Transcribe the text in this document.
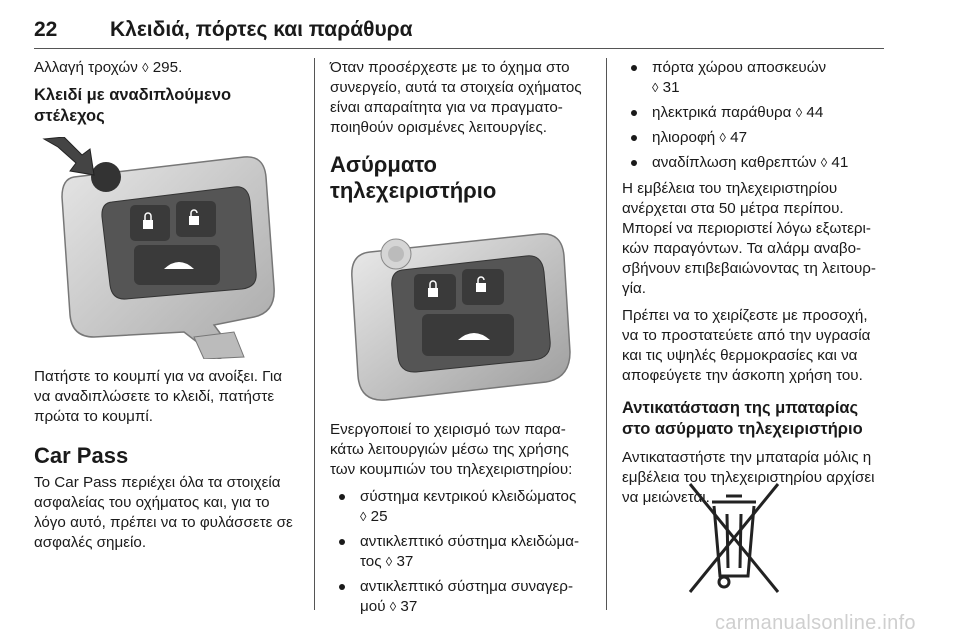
22	Κλειδιά, πόρτες και παράθυρα

Αλλαγή τροχών ◊ 295.

Κλειδί με αναδιπλούμενο στέλεχος

Πατήστε το κουμπί για να ανοίξει. Για να αναδιπλώσετε το κλειδί, πατήστε πρώτα το κουμπί.

Car Pass

Το Car Pass περιέχει όλα τα στοιχεία ασφαλείας του οχήματος και, για το λόγο αυτό, πρέπει να το φυλάσσετε σε ασφαλές σημείο.

Όταν προσέρχεστε με το όχημα στο συνεργείο, αυτά τα στοιχεία οχήματος είναι απαραίτητα για να πραγματο-ποιηθούν ορισμένες λειτουργίες.

Ασύρματο τηλεχειριστήριο

Ενεργοποιεί το χειρισμό των παρα-κάτω λειτουργιών μέσω της χρήσης των κουμπιών του τηλεχειριστηρίου:

σύστημα κεντρικού κλειδώματος
◊ 25
αντικλεπτικό σύστημα κλειδώμα-τος ◊ 37
αντικλεπτικό σύστημα συναγερ-μού ◊ 37
πόρτα χώρου αποσκευών
◊ 31
ηλεκτρικά παράθυρα ◊ 44
ηλιοροφή ◊ 47
αναδίπλωση καθρεπτών ◊ 41

Η εμβέλεια του τηλεχειριστηρίου ανέρχεται στα 50 μέτρα περίπου. Μπορεί να περιοριστεί λόγω εξωτερι-κών παραγόντων. Τα αλάρμ αναβο-σβήνουν επιβεβαιώνοντας τη λειτουρ-γία.

Πρέπει να το χειρίζεστε με προσοχή, να το προστατεύετε από την υγρασία και τις υψηλές θερμοκρασίες και να αποφεύγετε την άσκοπη χρήση του.

Αντικατάσταση της μπαταρίας στο ασύρματο τηλεχειριστήριο

Αντικαταστήστε την μπαταρία μόλις η εμβέλεια του τηλεχειριστηρίου αρχίσει να μειώνεται.

carmanualsonline.info
